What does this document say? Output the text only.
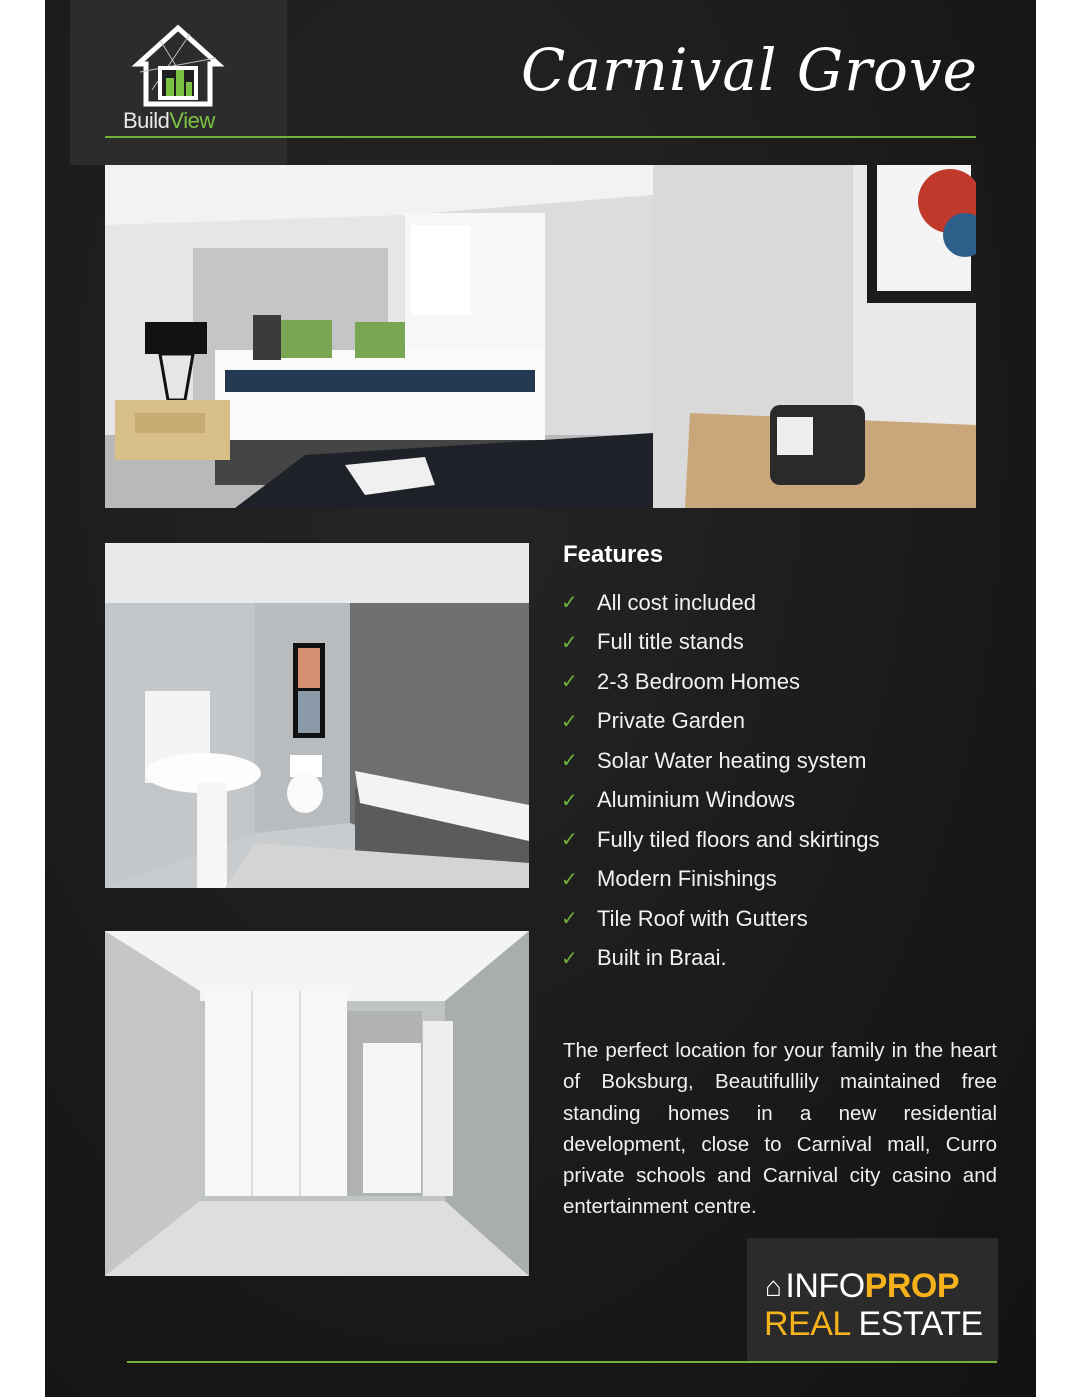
BuildView
Carnival Grove
Features
✓ All cost included
✓ Full title stands
✓ 2-3 Bedroom Homes
✓ Private Garden
✓ Solar Water heating system
✓ Aluminium Windows
✓ Fully tiled floors and skirtings
✓ Modern Finishings
✓ Tile Roof with Gutters
✓ Built in Braai.
The perfect location for your family in the heart of Boksburg, Beautifullily maintained free standing homes in a new residential development, close to Carnival mall, Curro private schools and Carnival city casino and entertainment centre.
⌂ INFO PROP
REAL ESTATE
